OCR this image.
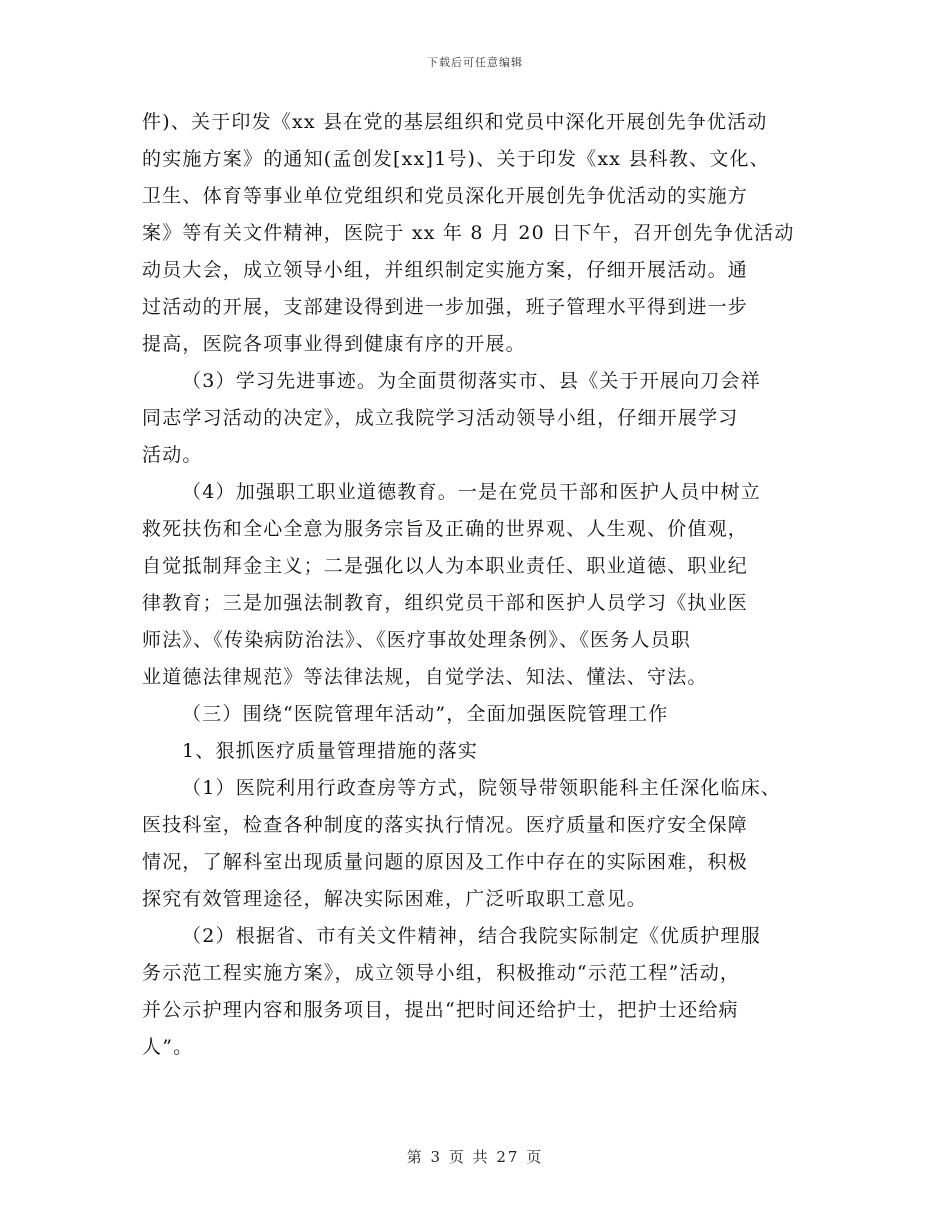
下载后可任意编辑
件)、关于印发《xx 县在党的基层组织和党员中深化开展创先争优活动
的实施方案》的通知(孟创发[xx]1号)、关于印发《xx 县科教、文化、
卫生、体育等事业单位党组织和党员深化开展创先争优活动的实施方
案》等有关文件精神，医院于 xx 年 8 月 20 日下午，召开创先争优活动
动员大会，成立领导小组，并组织制定实施方案，仔细开展活动。通
过活动的开展，支部建设得到进一步加强，班子管理水平得到进一步
提高，医院各项事业得到健康有序的开展。
（3）学习先进事迹。为全面贯彻落实市、县《关于开展向刀会祥
同志学习活动的决定》，成立我院学习活动领导小组，仔细开展学习
活动。
（4）加强职工职业道德教育。一是在党员干部和医护人员中树立
救死扶伤和全心全意为服务宗旨及正确的世界观、人生观、价值观，
自觉抵制拜金主义；二是强化以人为本职业责任、职业道德、职业纪
律教育；三是加强法制教育，组织党员干部和医护人员学习《执业医
师法》、《传染病防治法》、《医疗事故处理条例》、《医务人员职
业道德法律规范》等法律法规，自觉学法、知法、懂法、守法。
（三）围绕“医院管理年活动”，全面加强医院管理工作
1、狠抓医疗质量管理措施的落实
（1）医院利用行政查房等方式，院领导带领职能科主任深化临床、
医技科室，检查各种制度的落实执行情况。医疗质量和医疗安全保障
情况，了解科室出现质量问题的原因及工作中存在的实际困难，积极
探究有效管理途径，解决实际困难，广泛听取职工意见。
（2）根据省、市有关文件精神，结合我院实际制定《优质护理服
务示范工程实施方案》，成立领导小组，积极推动“示范工程”活动，
并公示护理内容和服务项目，提出“把时间还给护士，把护士还给病
人”。
第 3 页 共 27 页
